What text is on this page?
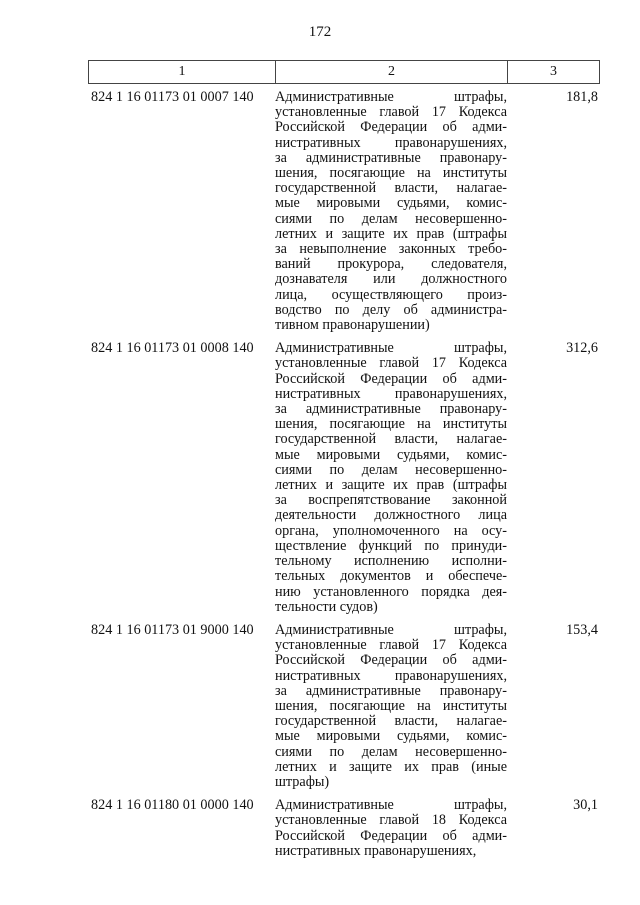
172
1	2	3
824 1 16 01173 01 0007 140	Административные штрафы,
установленные главой 17 Кодекса
Российской Федерации об адми-
нистративных правонарушениях,
за административные правонару-
шения, посягающие на институты
государственной власти, налагае-
мые мировыми судьями, комис-
сиями по делам несовершенно-
летних и защите их прав (штрафы
за невыполнение законных требо-
ваний прокурора, следователя,
дознавателя или должностного
лица, осуществляющего произ-
водство по делу об администра-
тивном правонарушении)
181,8
824 1 16 01173 01 0008 140	Административные штрафы,
установленные главой 17 Кодекса
Российской Федерации об адми-
нистративных правонарушениях,
за административные правонару-
шения, посягающие на институты
государственной власти, налагае-
мые мировыми судьями, комис-
сиями по делам несовершенно-
летних и защите их прав (штрафы
за воспрепятствование законной
деятельности должностного лица
органа, уполномоченного на осу-
ществление функций по принуди-
тельному исполнению исполни-
тельных документов и обеспече-
нию установленного порядка дея-
тельности судов)
312,6
824 1 16 01173 01 9000 140	Административные штрафы,
установленные главой 17 Кодекса
Российской Федерации об адми-
нистративных правонарушениях,
за административные правонару-
шения, посягающие на институты
государственной власти, налагае-
мые мировыми судьями, комис-
сиями по делам несовершенно-
летних и защите их прав (иные
штрафы)
153,4
824 1 16 01180 01 0000 140	Административные штрафы,
установленные главой 18 Кодекса
Российской Федерации об адми-
нистративных правонарушениях,
30,1
